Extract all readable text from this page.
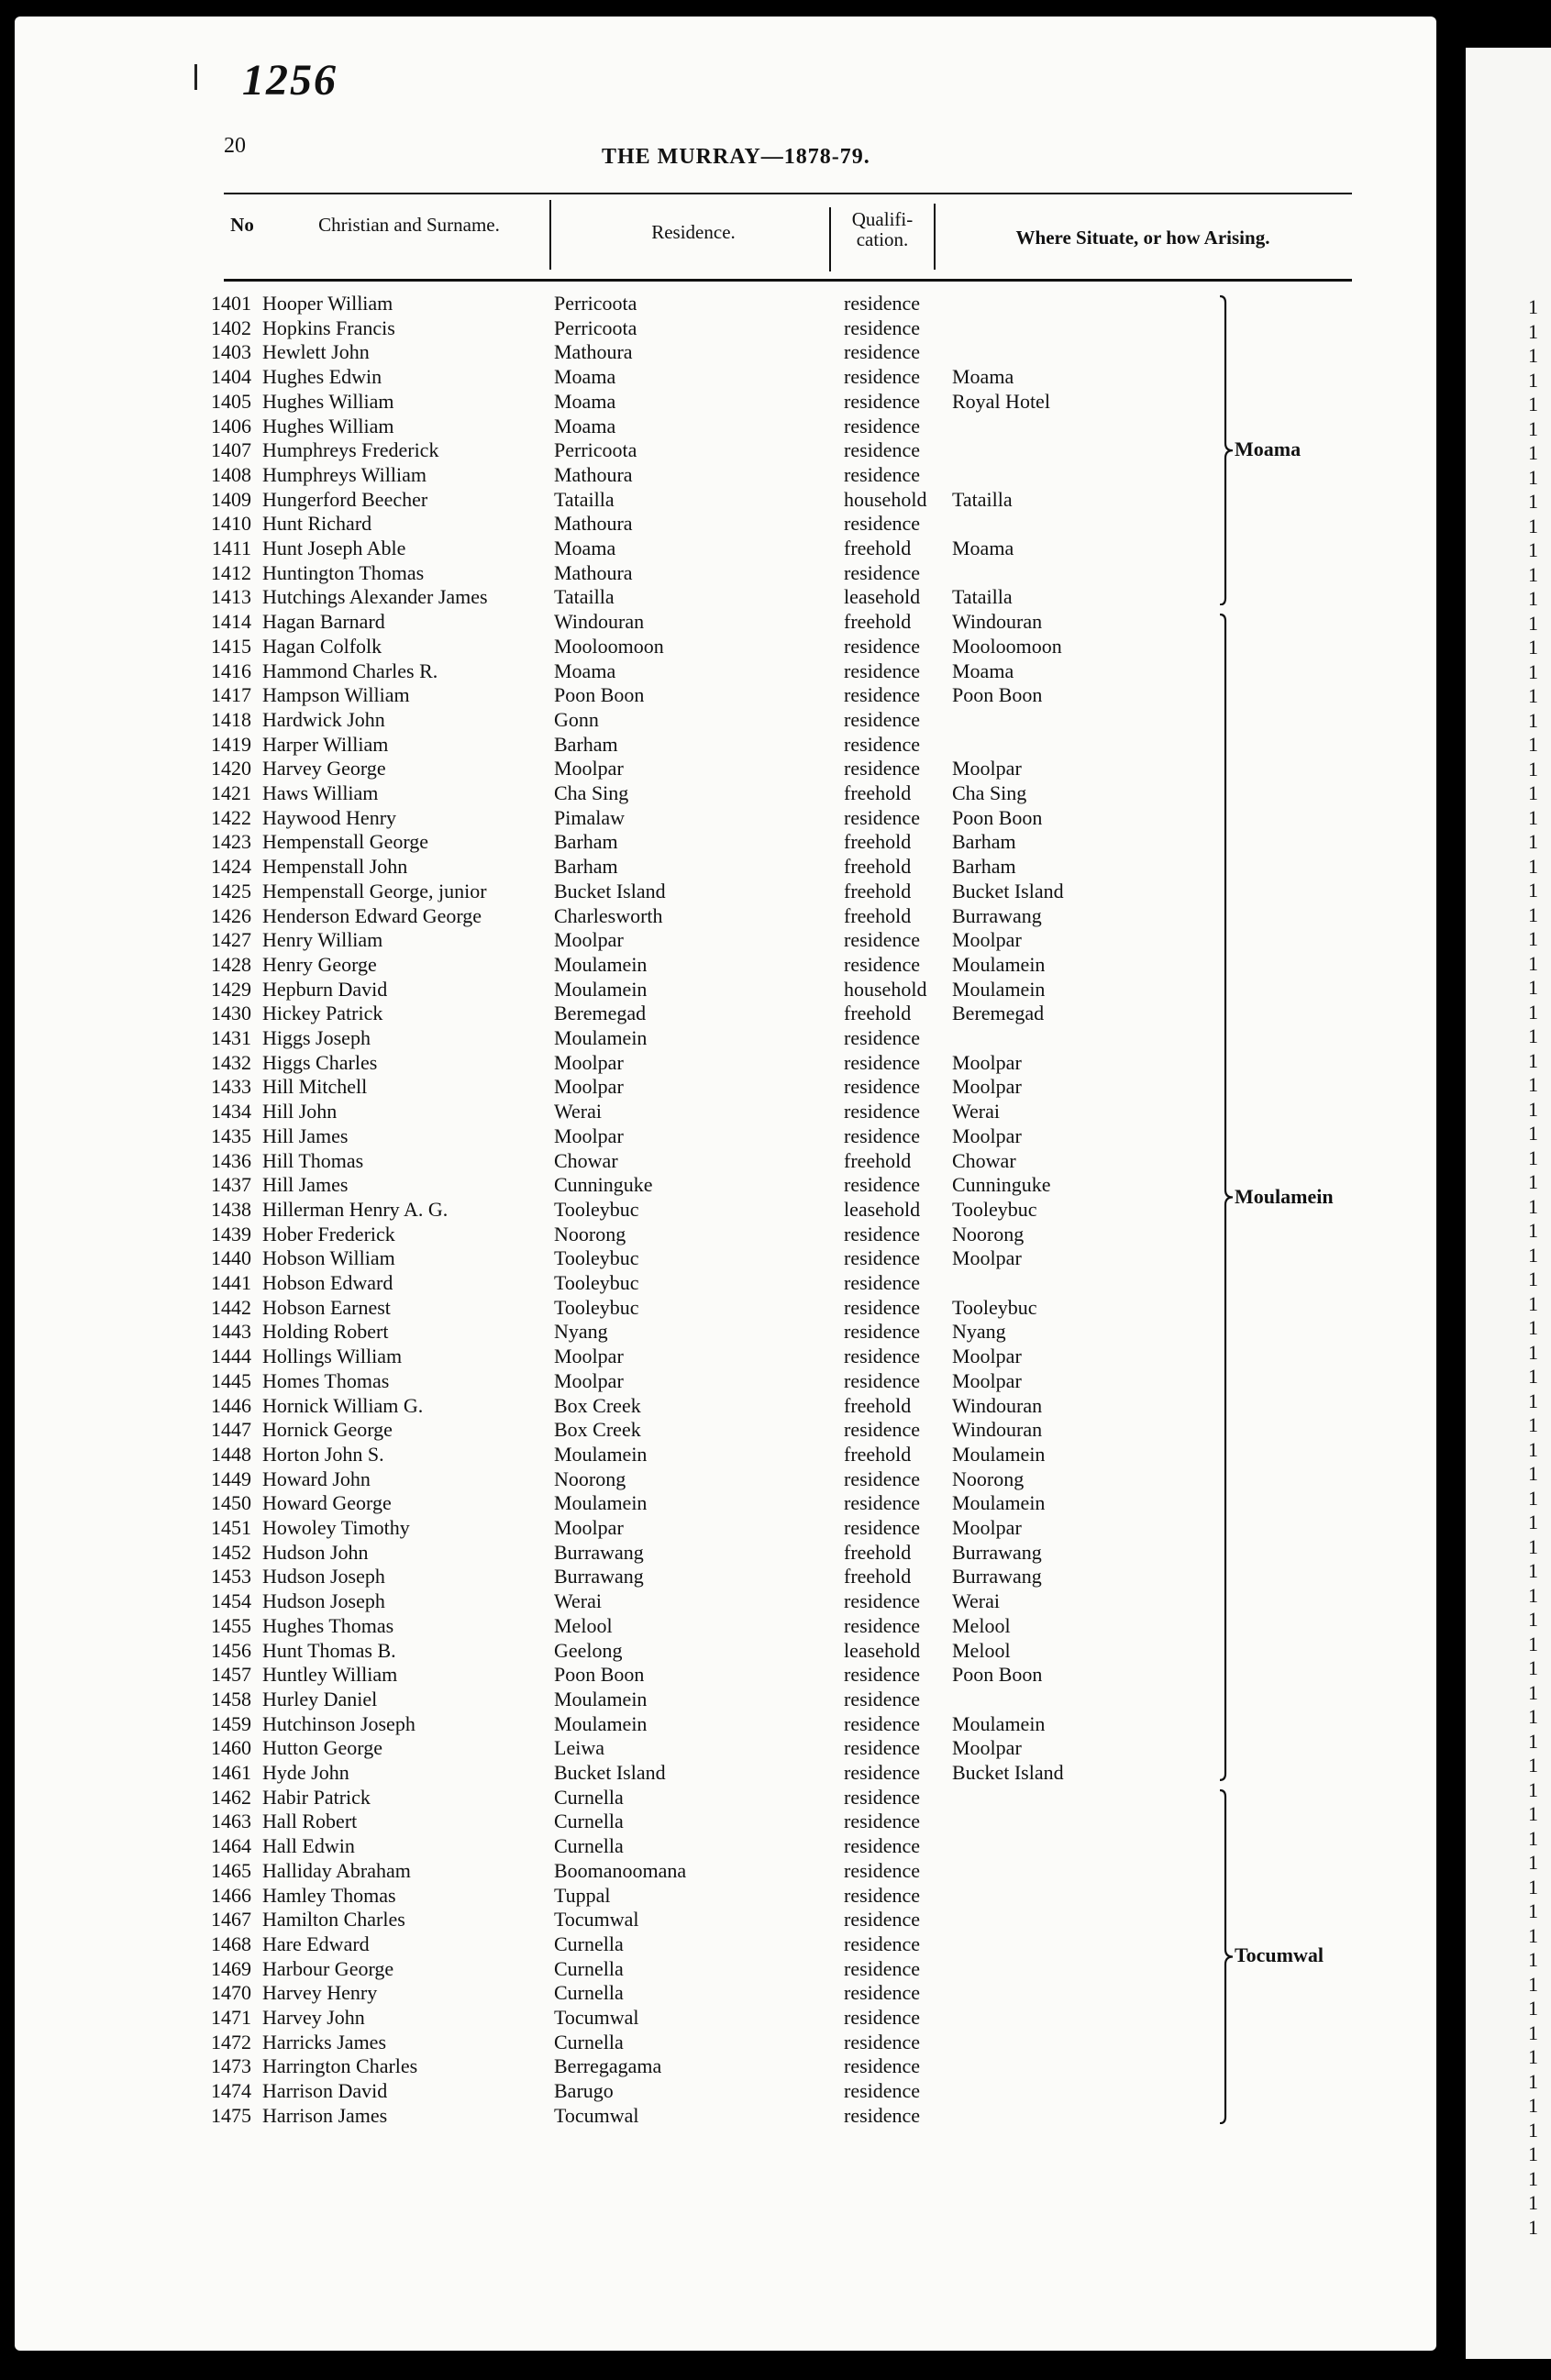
1256
20	THE MURRAY—1878-79.
No	Christian and Surname.	Residence.
Qualifi-
cation.	Where Situate, or how Arising.
1401 Hooper William	Perricoota	residence
1402 Hopkins Francis	Perricoota	residence
1403 Hewlett John	Mathoura	residence
1404 Hughes Edwin	Moama	residence Moama
1405 Hughes William	Moama	residence Royal Hotel
1406 Hughes William	Moama	residence
1407 Humphreys Frederick	Perricoota	residence
1408 Humphreys William	Mathoura	residence
1409 Hungerford Beecher	Tatailla	household Tatailla
1410 Hunt Richard	Mathoura	residence
1411 Hunt Joseph Able	Moama	freehold Moama
1412 Huntington Thomas	Mathoura	residence
1413 Hutchings Alexander James	Tatailla	leasehold Tatailla
1414 Hagan Barnard	Windouran	freehold Windouran
1415 Hagan Colfolk	Mooloomoon	residence Mooloomoon
1416 Hammond Charles R.	Moama	residence Moama
1417 Hampson William	Poon Boon	residence Poon Boon
1418 Hardwick John	Gonn	residence
1419 Harper William	Barham	residence
1420 Harvey George	Moolpar	residence Moolpar
1421 Haws William	Cha Sing	freehold Cha Sing
1422 Haywood Henry	Pimalaw	residence Poon Boon
1423 Hempenstall George	Barham	freehold Barham
1424 Hempenstall John	Barham	freehold Barham
1425 Hempenstall George, junior	Bucket Island	freehold Bucket Island
1426 Henderson Edward George	Charlesworth	freehold Burrawang
1427 Henry William	Moolpar	residence Moolpar
1428 Henry George	Moulamein	residence Moulamein
1429 Hepburn David	Moulamein	household Moulamein
1430 Hickey Patrick	Beremegad	freehold Beremegad
1431 Higgs Joseph	Moulamein	residence
1432 Higgs Charles	Moolpar	residence Moolpar
1433 Hill Mitchell	Moolpar	residence Moolpar
1434 Hill John	Werai	residence Werai
1435 Hill James	Moolpar	residence Moolpar
1436 Hill Thomas	Chowar	freehold Chowar
1437 Hill James	Cunninguke	residence Cunninguke
1438 Hillerman Henry A. G.	Tooleybuc	leasehold Tooleybuc
1439 Hober Frederick	Noorong	residence Noorong
1440 Hobson William	Tooleybuc	residence Moolpar
1441 Hobson Edward	Tooleybuc	residence
1442 Hobson Earnest	Tooleybuc	residence Tooleybuc
1443 Holding Robert	Nyang	residence Nyang
1444 Hollings William	Moolpar	residence Moolpar
1445 Homes Thomas	Moolpar	residence Moolpar
1446 Hornick William G.	Box Creek	freehold Windouran
1447 Hornick George	Box Creek	residence Windouran
1448 Horton John S.	Moulamein	freehold Moulamein
1449 Howard John	Noorong	residence Noorong
1450 Howard George	Moulamein	residence Moulamein
1451 Howoley Timothy	Moolpar	residence Moolpar
1452 Hudson John	Burrawang	freehold Burrawang
1453 Hudson Joseph	Burrawang	freehold Burrawang
1454 Hudson Joseph	Werai	residence Werai
1455 Hughes Thomas	Melool	residence Melool
1456 Hunt Thomas B.	Geelong	leasehold Melool
1457 Huntley William	Poon Boon	residence Poon Boon
1458 Hurley Daniel	Moulamein	residence
1459 Hutchinson Joseph	Moulamein	residence Moulamein
1460 Hutton George	Leiwa	residence Moolpar
1461 Hyde John	Bucket Island	residence Bucket Island
1462 Habir Patrick	Curnella	residence
1463 Hall Robert	Curnella	residence
1464 Hall Edwin	Curnella	residence
1465 Halliday Abraham	Boomanoomana	residence
1466 Hamley Thomas	Tuppal	residence
1467 Hamilton Charles	Tocumwal	residence
1468 Hare Edward	Curnella	residence
1469 Harbour George	Curnella	residence
1470 Harvey Henry	Curnella	residence
1471 Harvey John	Tocumwal	residence
1472 Harricks James	Curnella	residence
1473 Harrington Charles	Berregagama	residence
1474 Harrison David	Barugo	residence
1475 Harrison James	Tocumwal	residence
Moama
Moulamein
Tocumwal
1
1
1
1
1
1
1
1
1
1
1
1
1
1
1
1
1
1
1
1
1
1
1
1
1
1
1
1
1
1
1
1
1
1
1
1
1
1
1
1
1
1
1
1
1
1
1
1
1
1
1
1
1
1
1
1
1
1
1
1
1
1
1
1
1
1
1
1
1
1
1
1
1
1
1
1
1
1
1
1
